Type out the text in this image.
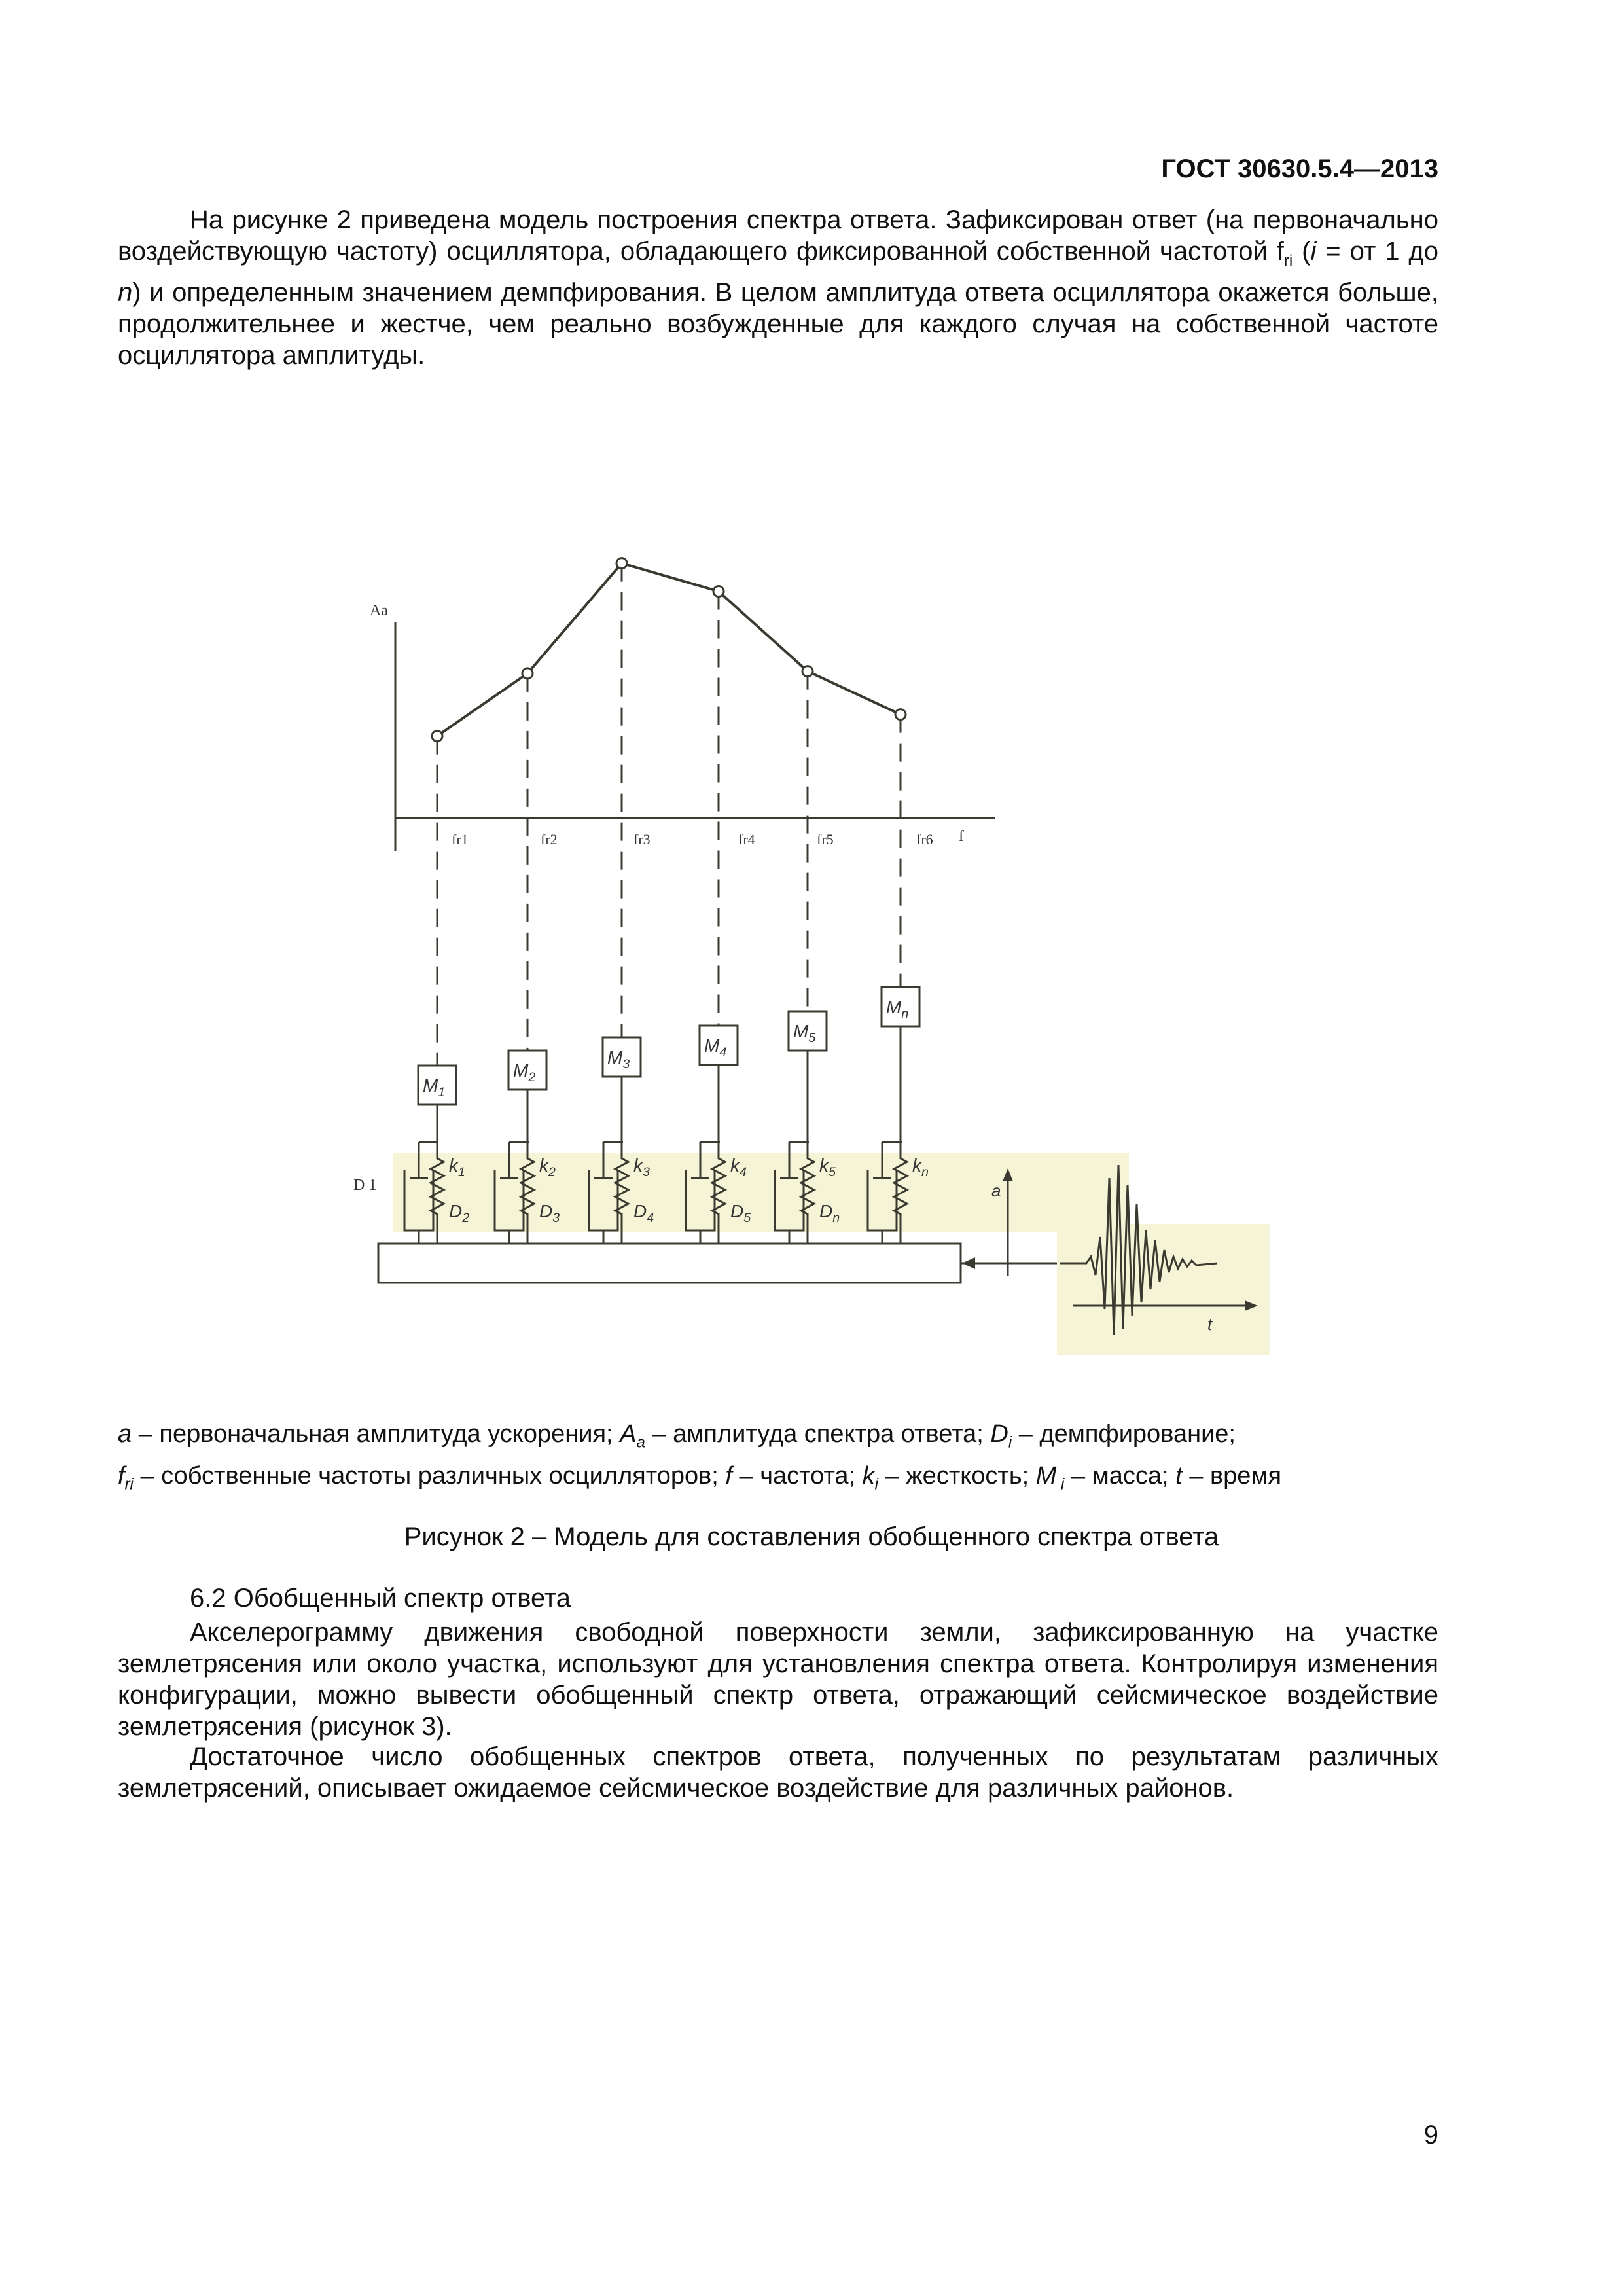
ГОСТ 30630.5.4—2013

На рисунке 2 приведена модель построения спектра ответа. Зафиксирован ответ (на первоначально воздействующую частоту) осциллятора, обладающего фиксированной собственной частотой $f_{ri}$ (i = от 1 до n) и определенным значением демпфирования. В целом амплитуда ответа осциллятора окажется больше, продолжительнее и жестче, чем реально возбужденные для каждого случая на собственной частоте осциллятора амплитуды.

Aa
f
fr1	fr2	fr3	fr4	fr5	fr6
$M_1$
$k_1$
$D_2$
$M_2$
$k_2$
$D_3$
$M_3$
$k_3$
$D_4$
$M_4$
$k_4$
$D_5$
$M_5$
$k_5$
$D_n$
$M_n$
$k_n$
D 1	a
t
a – первоначальная амплитуда ускорения; $A_a$ – амплитуда спектра ответа; $D_i$ – демпфирование;
$f_{ri}$ – собственные частоты различных осцилляторов; f – частота; $k_i$ – жесткость; M $_i$ – масса; t – время
Рисунок 2 – Модель для составления обобщенного спектра ответа
6.2 Обобщенный спектр ответа

Акселерограмму движения свободной поверхности земли, зафиксированную на участке землетрясения или около участка, используют для установления спектра ответа. Контролируя изменения конфигурации, можно вывести обобщенный спектр ответа, отражающий сейсмическое воздействие землетрясения (рисунок 3).

Достаточное число обобщенных спектров ответа, полученных по результатам различных землетрясений, описывает ожидаемое сейсмическое воздействие для различных районов.

9
